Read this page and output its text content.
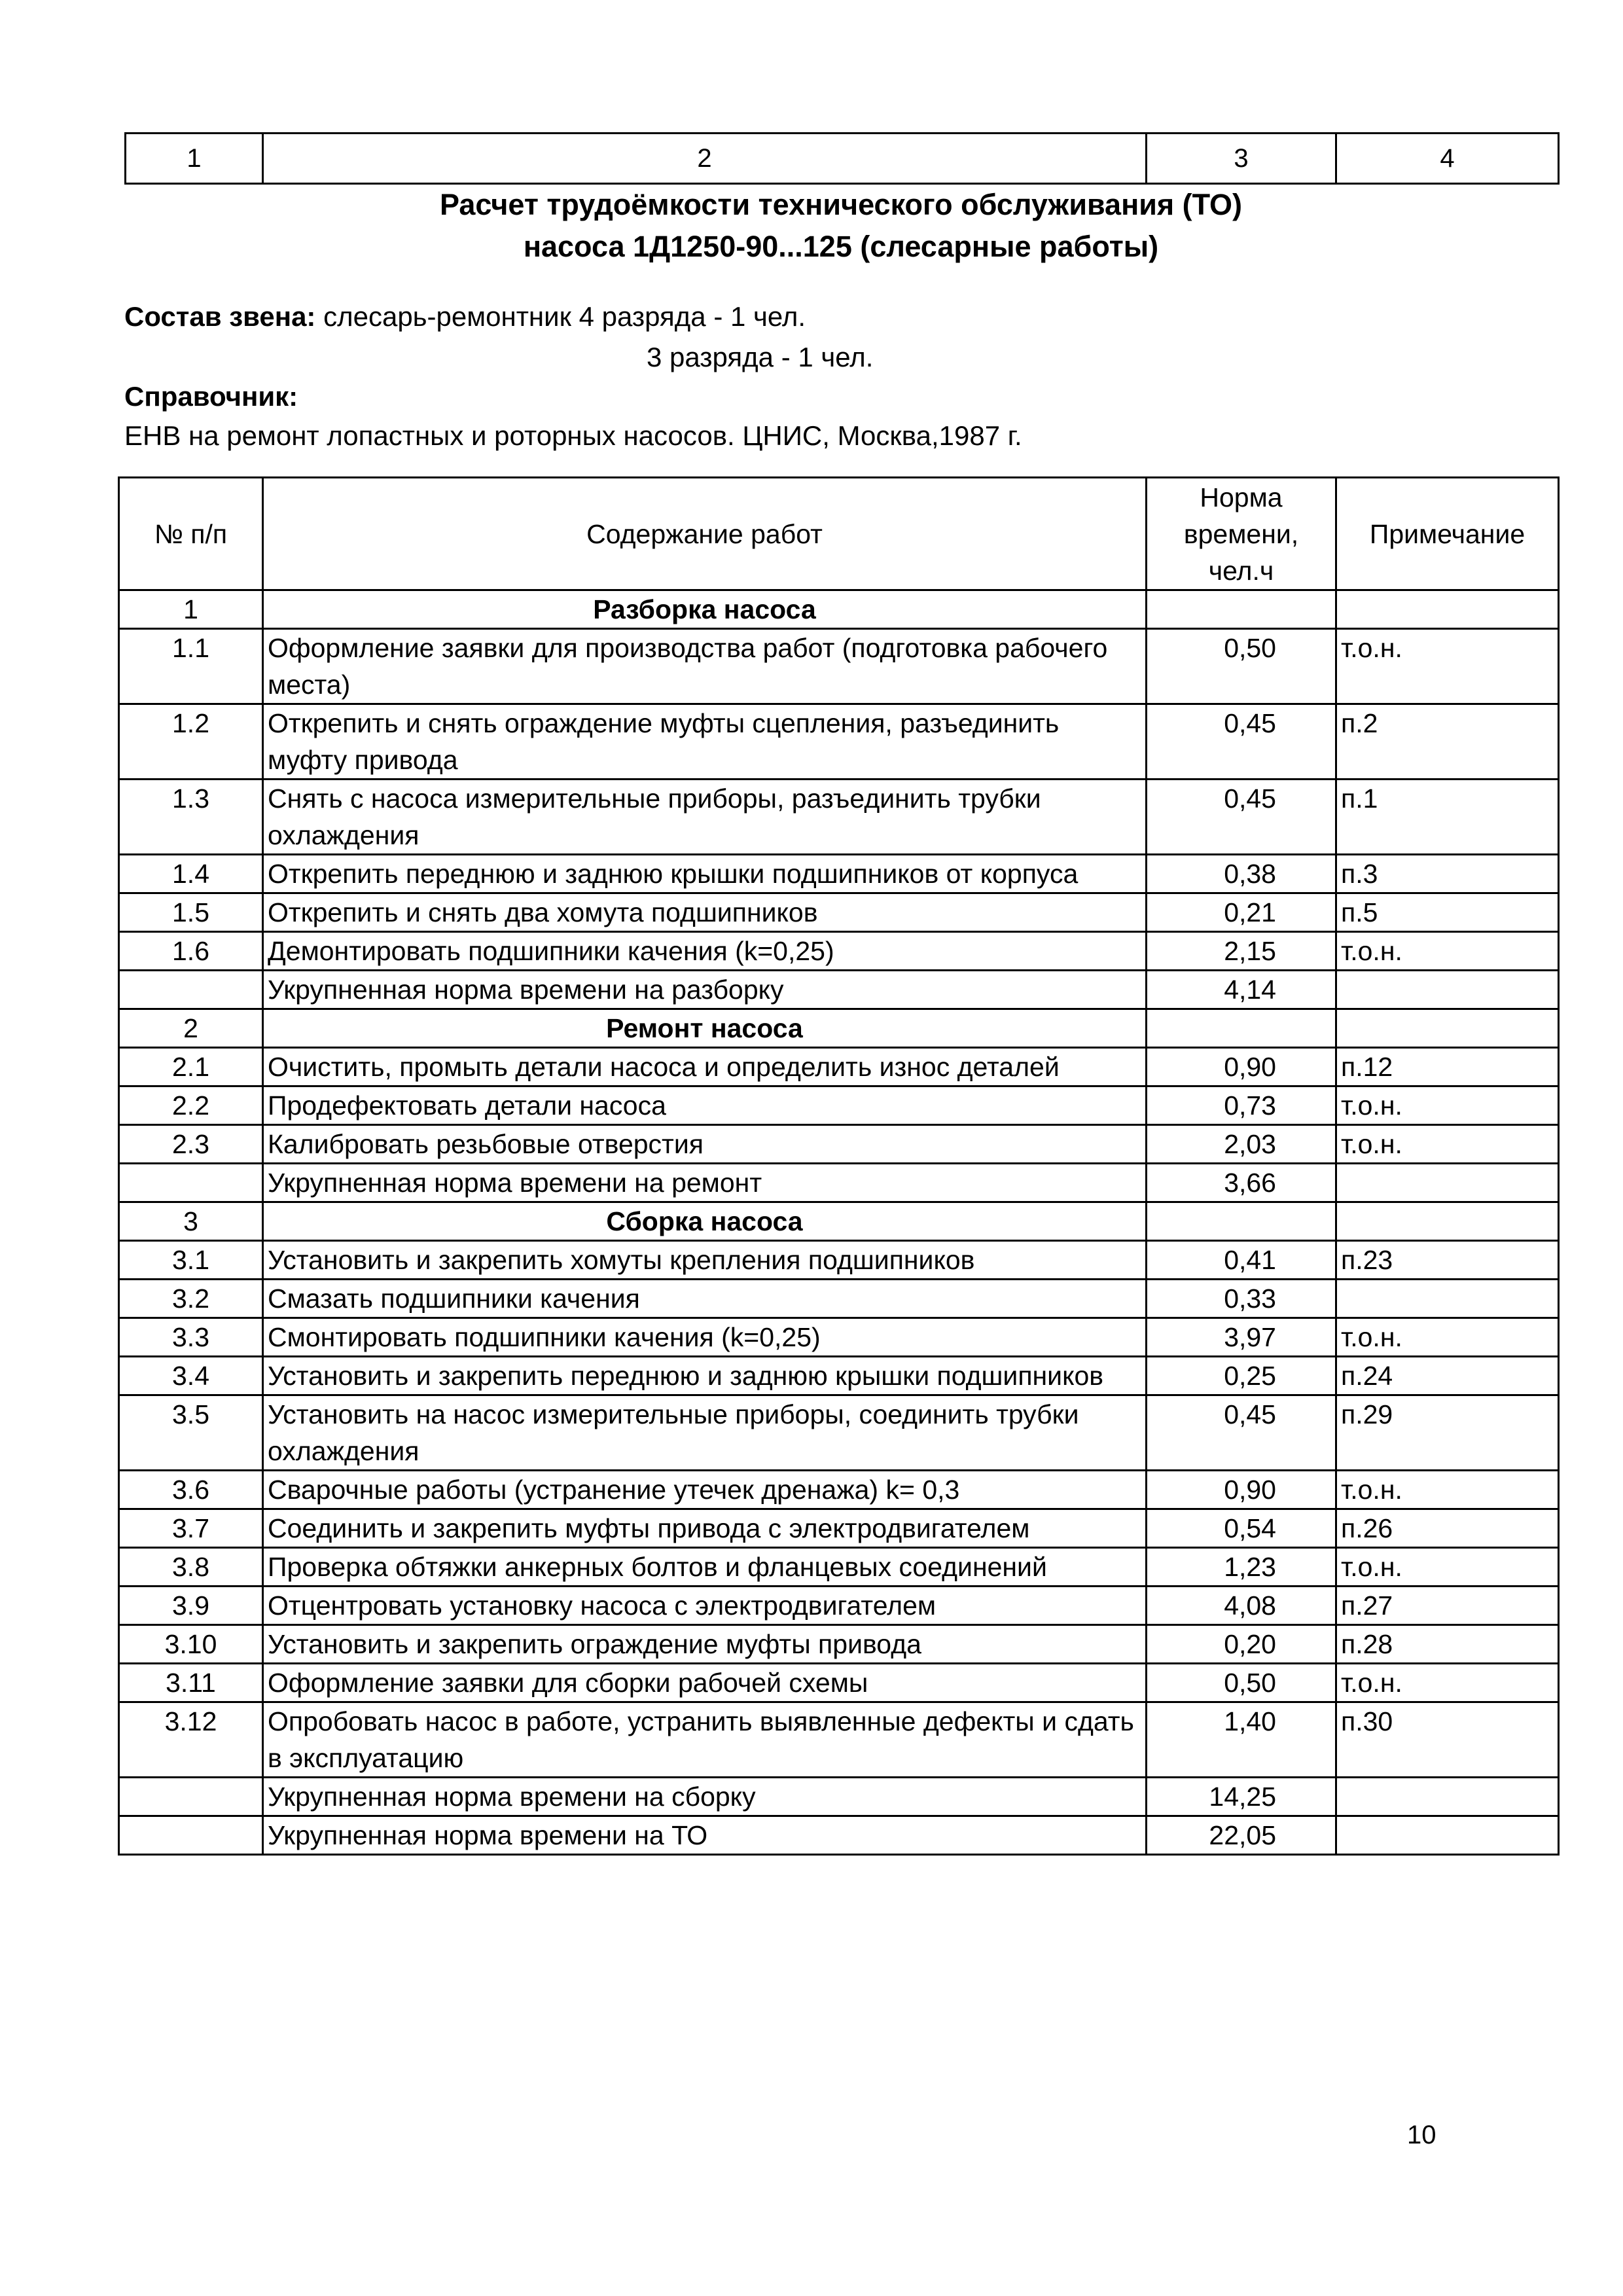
1	2	3	4
Расчет трудоёмкости технического обслуживания (ТО)
насоса 1Д1250-90...125 (слесарные работы)
Состав звена: слесарь-ремонтник 4 разряда - 1 чел.
3 разряда - 1 чел.
Справочник:
ЕНВ на ремонт лопастных и роторных насосов. ЦНИС, Москва,1987 г.
№ п/п	Содержание работ	Норма времени, чел.ч	Примечание
1	Разборка насоса		
1.1	Оформление заявки для производства работ (подготовка рабочего места)	0,50	т.о.н.
1.2	Открепить и снять ограждение муфты сцепления, разъединить муфту привода	0,45	п.2
1.3	Снять с насоса измерительные приборы, разъединить трубки охлаждения	0,45	п.1
1.4	Открепить переднюю и заднюю крышки подшипников от корпуса	0,38	п.3
1.5	Открепить и снять два хомута подшипников	0,21	п.5
1.6	Демонтировать подшипники качения (k=0,25)	2,15	т.о.н.
	Укрупненная норма времени на разборку	4,14	
2	Ремонт насоса		
2.1	Очистить, промыть детали насоса и определить износ деталей	0,90	п.12
2.2	Продефектовать детали насоса	0,73	т.о.н.
2.3	Калибровать резьбовые отверстия	2,03	т.о.н.
	Укрупненная норма времени на ремонт	3,66	
3	Сборка насоса		
3.1	Установить и закрепить хомуты крепления подшипников	0,41	п.23
3.2	Смазать подшипники качения	0,33	
3.3	Смонтировать подшипники качения (k=0,25)	3,97	т.о.н.
3.4	Установить и закрепить переднюю и заднюю крышки подшипников	0,25	п.24
3.5	Установить на насос измерительные приборы, соединить трубки охлаждения	0,45	п.29
3.6	Сварочные работы (устранение утечек дренажа) k= 0,3	0,90	т.о.н.
3.7	Соединить и закрепить муфты привода с электродвигателем	0,54	п.26
3.8	Проверка обтяжки анкерных болтов и фланцевых соединений	1,23	т.о.н.
3.9	Отцентровать установку насоса с электродвигателем	4,08	п.27
3.10	Установить и закрепить ограждение муфты привода	0,20	п.28
3.11	Оформление заявки для сборки рабочей схемы	0,50	т.о.н.
3.12	Опробовать насос в работе, устранить выявленные дефекты и сдать в эксплуатацию	1,40	п.30
	Укрупненная норма времени на сборку	14,25	
	Укрупненная норма времени на ТО	22,05	
10
